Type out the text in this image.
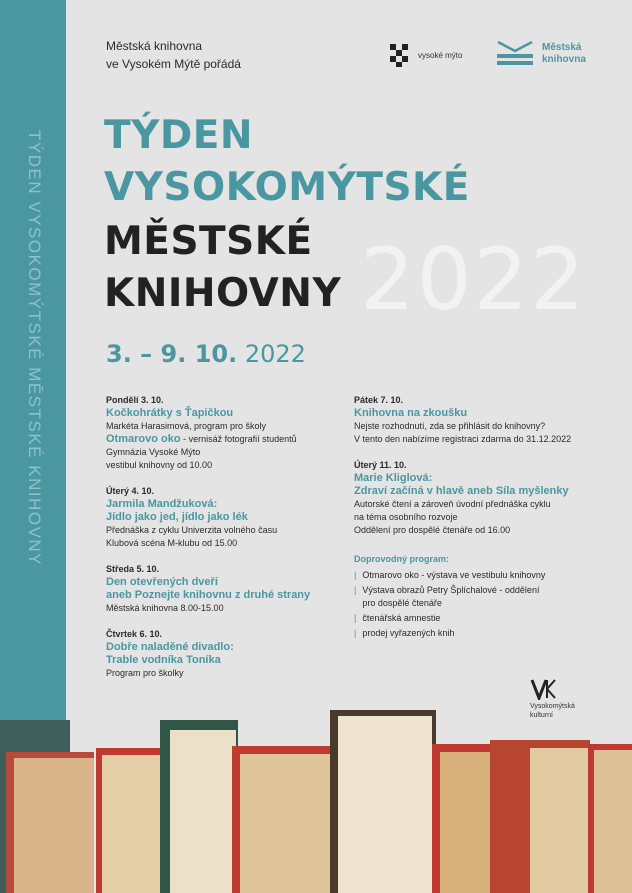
TÝDEN VYSOKOMÝTSKÉ MĚSTSKÉ KNIHOVNY
Městská knihovna
ve Vysokém Mýtě pořádá
vysoké mýto
Městská
knihovna
2022
TÝDEN
VYSOKOMÝTSKÉ
MĚSTSKÉ
KNIHOVNY
3. – 9. 10. 2022
Pondělí 3. 10.
Kočkohrátky s Ťapičkou
Markéta Harasimová, program pro školy
Otmarovo oko - vernisáž fotografií studentů
Gymnázia Vysoké Mýto
vestibul knihovny od 10.00
Úterý 4. 10.
Jarmila Mandžuková:
Jídlo jako jed, jídlo jako lék
Přednáška z cyklu Univerzita volného času
Klubová scéna M-klubu od 15.00
Středa 5. 10.
Den otevřených dveří
aneb Poznejte knihovnu z druhé strany
Městská knihovna 8.00-15.00
Čtvrtek 6. 10.
Dobře naladěné divadlo:
Trable vodníka Toníka
Program pro školky
Pátek 7. 10.
Knihovna na zkoušku
Nejste rozhodnutí, zda se přihlásit do knihovny?
V tento den nabízíme registraci zdarma do 31.12.2022
Úterý 11. 10.
Marie Kliglová:
Zdraví začíná v hlavě aneb Síla myšlenky
Autorské čtení a zároveň úvodní přednáška cyklu
na téma osobního rozvoje
Oddělení pro dospělé čtenáře od 16.00
Doprovodný program:
| Otmarovo oko - výstava ve vestibulu knihovny
| Výstava obrazů Petry Šplíchalové - oddělení
pro dospělé čtenáře
| čtenářská amnestie
| prodej vyřazených knih
Vysokomýtská
kulturní
